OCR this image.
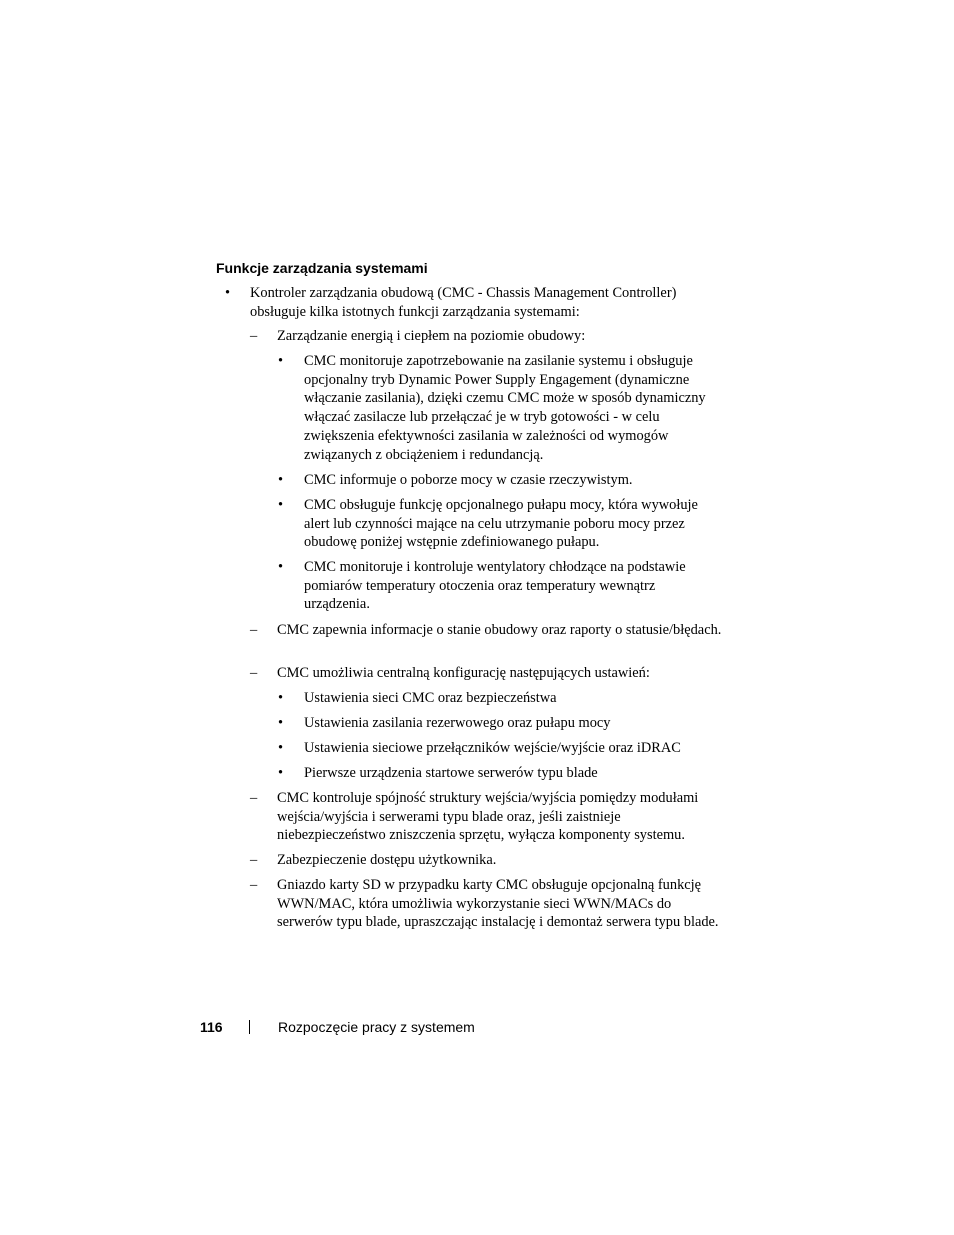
Funkcje zarządzania systemami
• Kontroler zarządzania obudową (CMC - Chassis Management Controller) obsługuje kilka istotnych funkcji zarządzania systemami:
– Zarządzanie energią i ciepłem na poziomie obudowy:
• CMC monitoruje zapotrzebowanie na zasilanie systemu i obsługuje opcjonalny tryb Dynamic Power Supply Engagement (dynamiczne włączanie zasilania), dzięki czemu CMC może w sposób dynamiczny włączać zasilacze lub przełączać je w tryb gotowości - w celu zwiększenia efektywności zasilania w zależności od wymogów związanych z obciążeniem i redundancją.
• CMC informuje o poborze mocy w czasie rzeczywistym.
• CMC obsługuje funkcję opcjonalnego pułapu mocy, która wywołuje alert lub czynności mające na celu utrzymanie poboru mocy przez obudowę poniżej wstępnie zdefiniowanego pułapu.
• CMC monitoruje i kontroluje wentylatory chłodzące na podstawie pomiarów temperatury otoczenia oraz temperatury wewnątrz urządzenia.
– CMC zapewnia informacje o stanie obudowy oraz raporty o statusie/błędach.
– CMC umożliwia centralną konfigurację następujących ustawień:
• Ustawienia sieci CMC oraz bezpieczeństwa
• Ustawienia zasilania rezerwowego oraz pułapu mocy
• Ustawienia sieciowe przełączników wejście/wyjście oraz iDRAC
• Pierwsze urządzenia startowe serwerów typu blade
– CMC kontroluje spójność struktury wejścia/wyjścia pomiędzy modułami wejścia/wyjścia i serwerami typu blade oraz, jeśli zaistnieje niebezpieczeństwo zniszczenia sprzętu, wyłącza komponenty systemu.
– Zabezpieczenie dostępu użytkownika.
– Gniazdo karty SD w przypadku karty CMC obsługuje opcjonalną funkcję WWN/MAC, która umożliwia wykorzystanie sieci WWN/MACs do serwerów typu blade, upraszczając instalację i demontaż serwera typu blade.
116	Rozpoczęcie pracy z systemem
